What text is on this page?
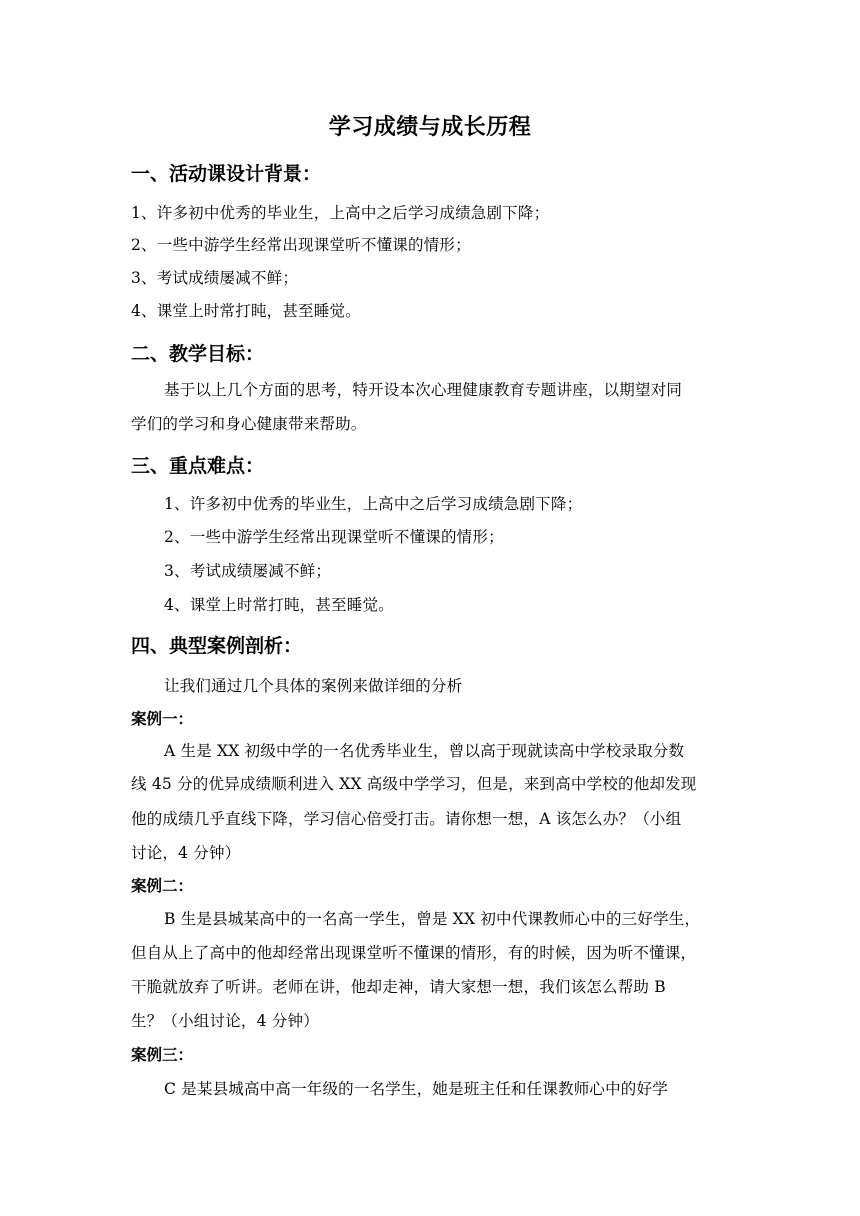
学习成绩与成长历程
一、活动课设计背景：
1、许多初中优秀的毕业生，上高中之后学习成绩急剧下降；
2、一些中游学生经常出现课堂听不懂课的情形；
3、考试成绩屡减不鲜；
4、课堂上时常打盹，甚至睡觉。
二、教学目标：
基于以上几个方面的思考，特开设本次心理健康教育专题讲座，以期望对同
学们的学习和身心健康带来帮助。
三、重点难点：
1、许多初中优秀的毕业生，上高中之后学习成绩急剧下降；
2、一些中游学生经常出现课堂听不懂课的情形；
3、考试成绩屡减不鲜；
4、课堂上时常打盹，甚至睡觉。
四、典型案例剖析：
让我们通过几个具体的案例来做详细的分析
案例一：
A 生是 XX 初级中学的一名优秀毕业生，曾以高于现就读高中学校录取分数
线 45 分的优异成绩顺利进入 XX 高级中学学习，但是，来到高中学校的他却发现
他的成绩几乎直线下降，学习信心倍受打击。请你想一想，A 该怎么办？（小组
讨论，4 分钟）
案例二：
B 生是县城某高中的一名高一学生，曾是 XX 初中代课教师心中的三好学生，
但自从上了高中的他却经常出现课堂听不懂课的情形，有的时候，因为听不懂课，
干脆就放弃了听讲。老师在讲，他却走神，请大家想一想，我们该怎么帮助 B
生？（小组讨论，4 分钟）
案例三：
C 是某县城高中高一年级的一名学生，她是班主任和任课教师心中的好学
